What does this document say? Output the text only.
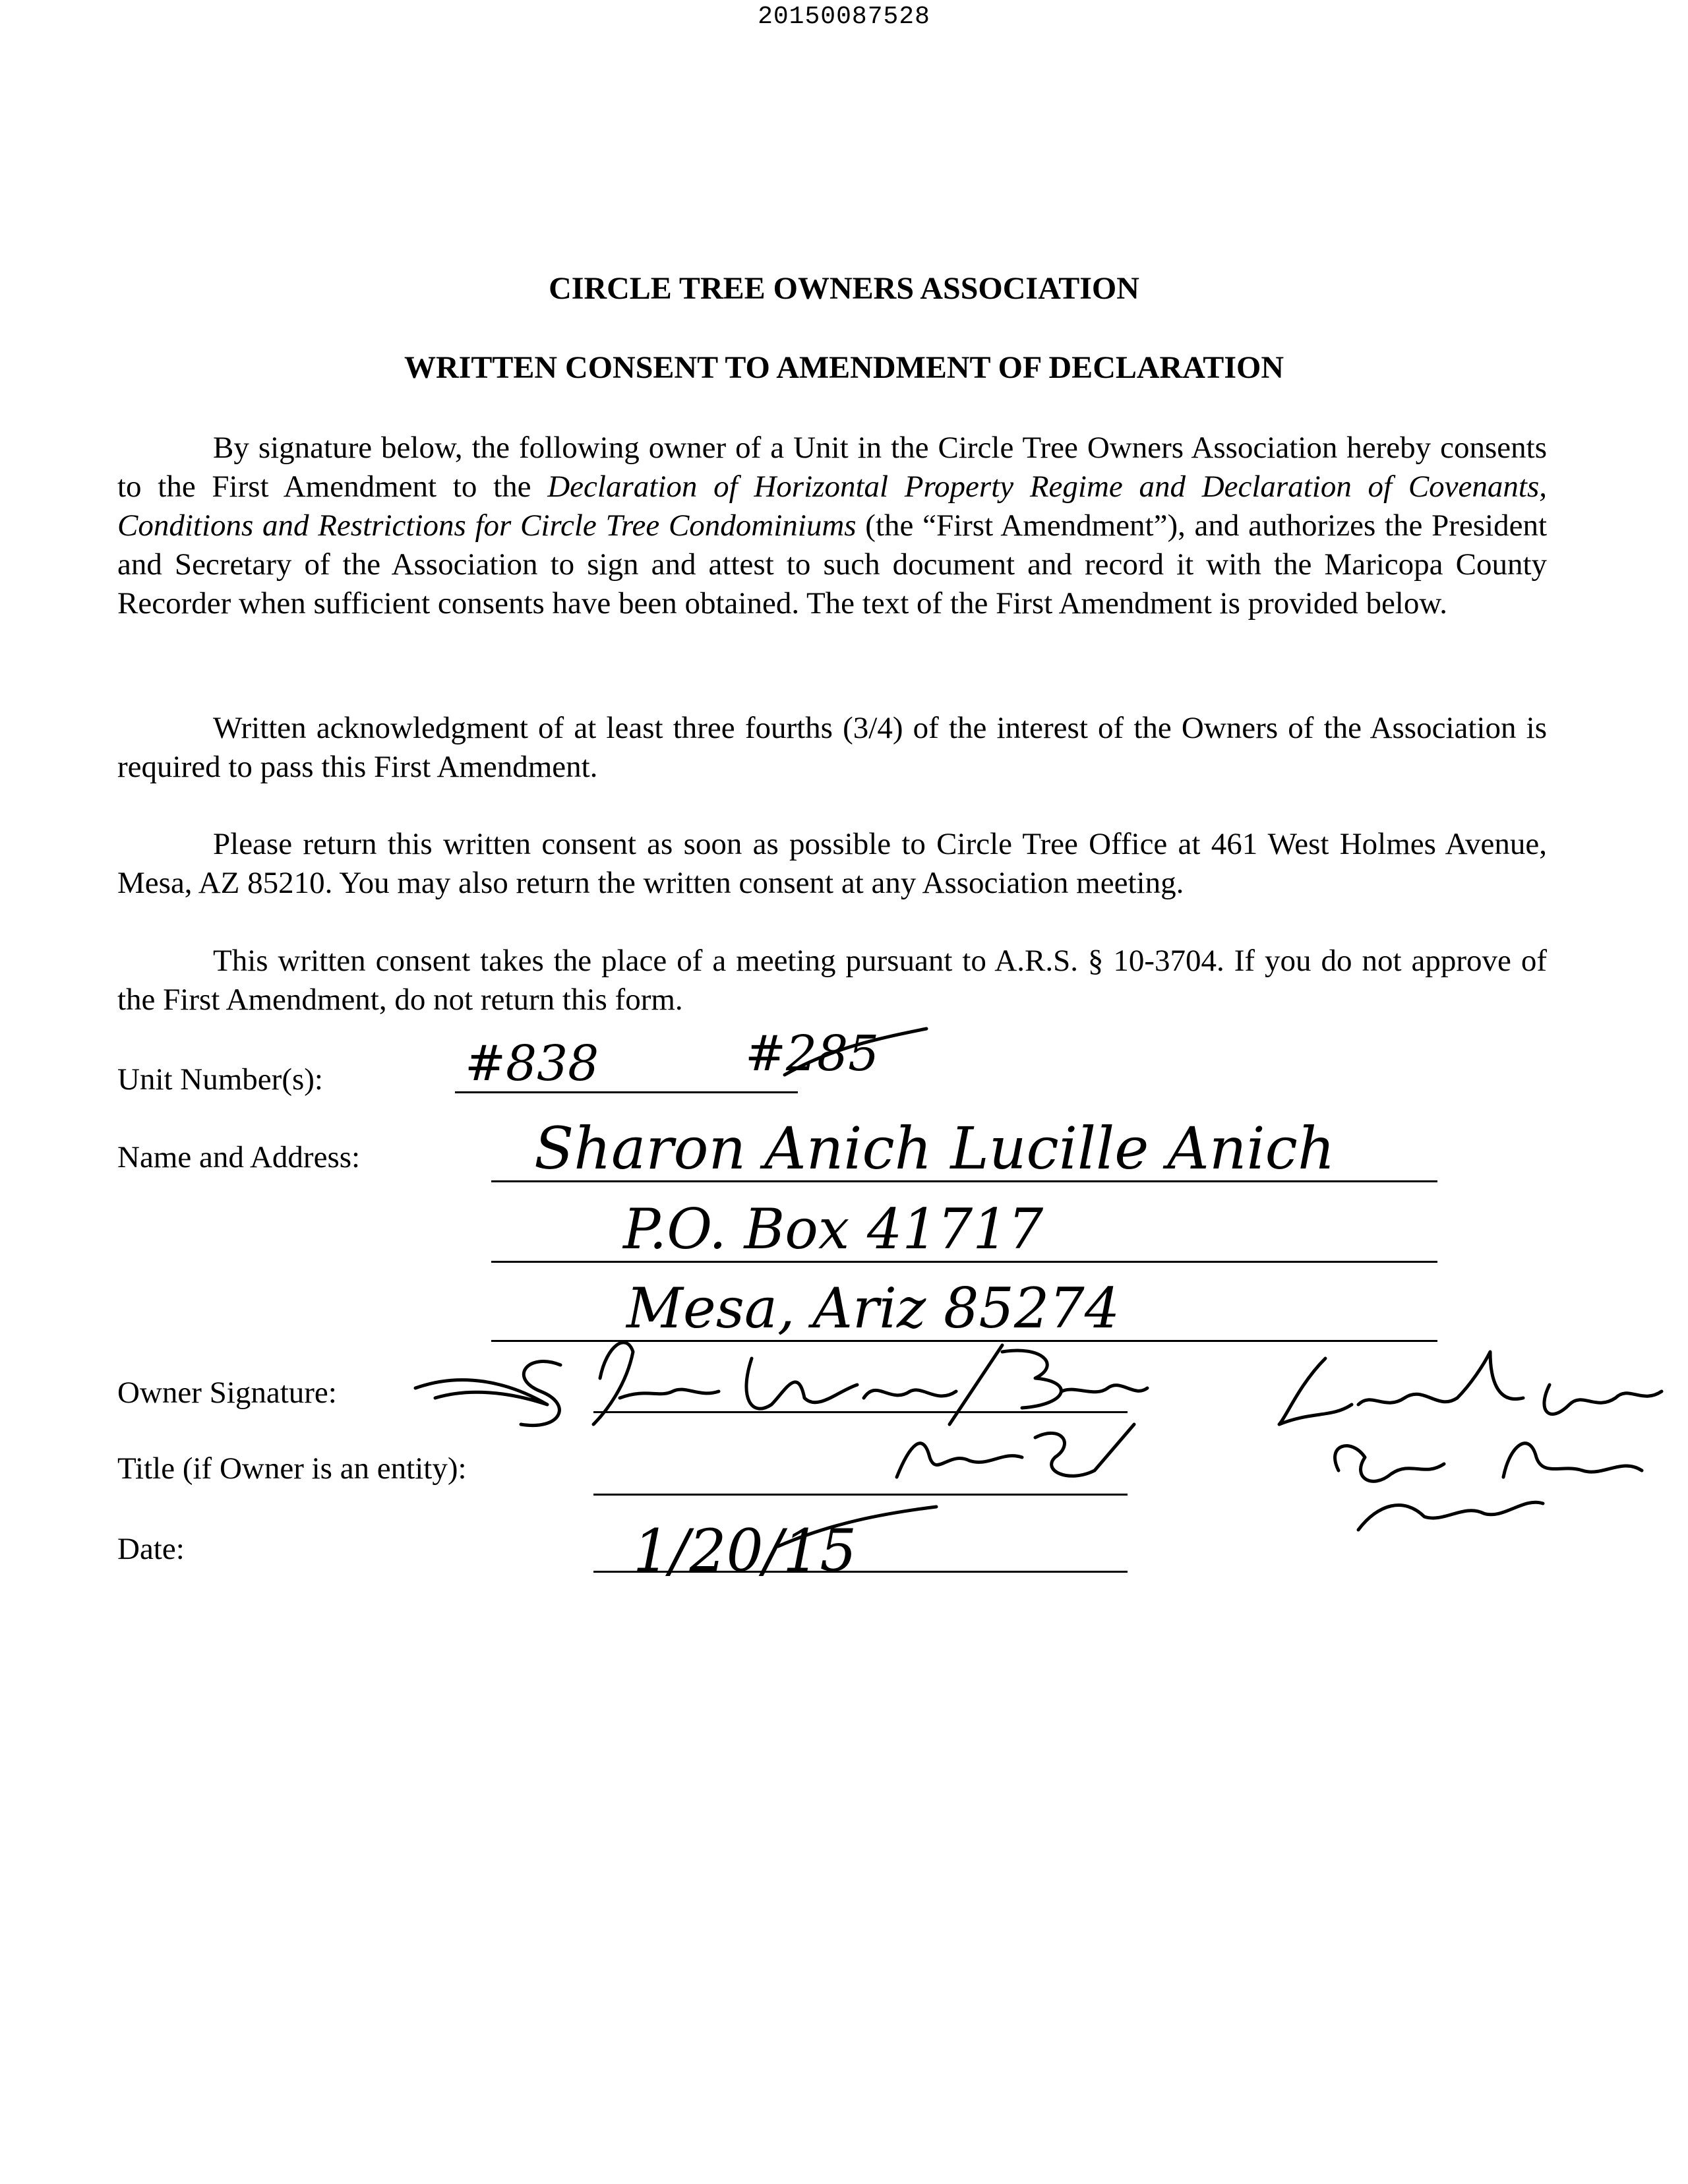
20150087528
CIRCLE TREE OWNERS ASSOCIATION
WRITTEN CONSENT TO AMENDMENT OF DECLARATION

By signature below, the following owner of a Unit in the Circle Tree Owners Association hereby consents to the First Amendment to the Declaration of Horizontal Property Regime and Declaration of Covenants, Conditions and Restrictions for Circle Tree Condominiums (the “First Amendment”), and authorizes the President and Secretary of the Association to sign and attest to such document and record it with the Maricopa County Recorder when sufficient consents have been obtained. The text of the First Amendment is provided below.

Written acknowledgment of at least three fourths (3/4) of the interest of the Owners of the Association is required to pass this First Amendment.

Please return this written consent as soon as possible to Circle Tree Office at 461 West Holmes Avenue, Mesa, AZ 85210. You may also return the written consent at any Association meeting.

This written consent takes the place of a meeting pursuant to A.R.S. § 10-3704. If you do not approve of the First Amendment, do not return this form.

Unit Number(s):
Name and Address:
Owner Signature:
Title (if Owner is an entity):
Date:
#838	#285
Sharon Anich Lucille Anich
P.O. Box 41717
Mesa, Ariz 85274
1/20/15
